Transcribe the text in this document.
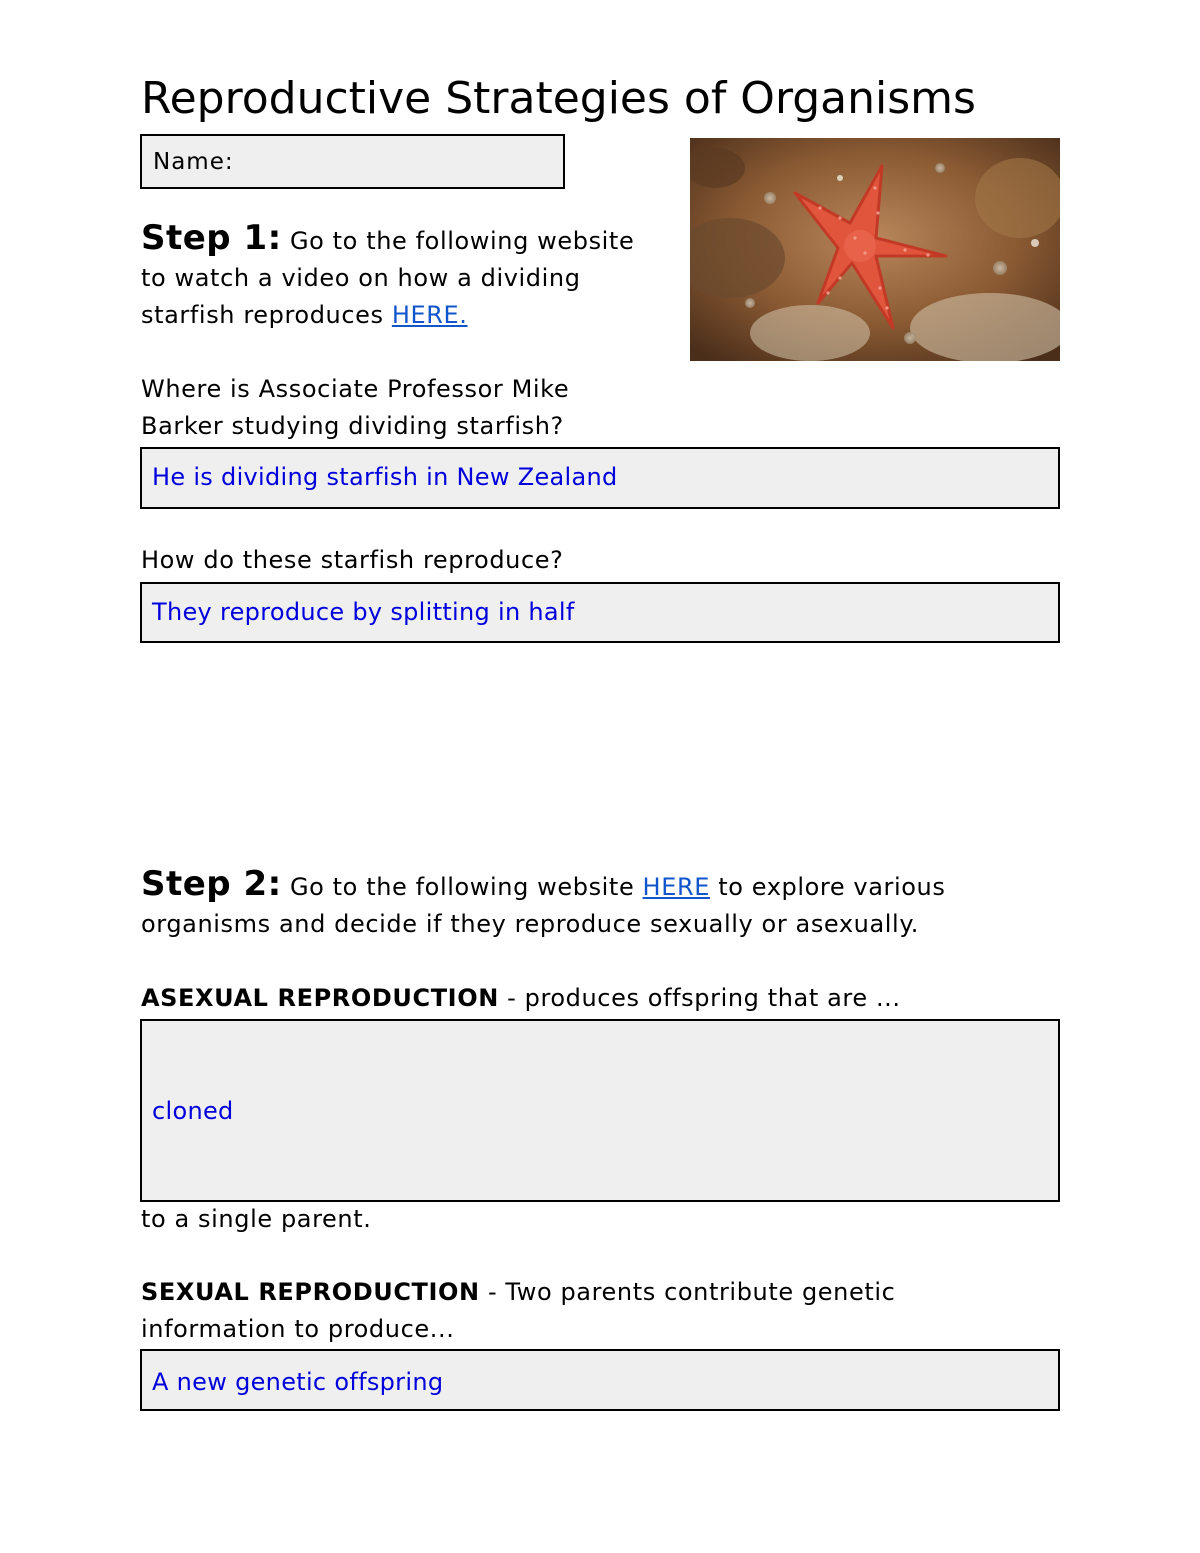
Reproductive Strategies of Organisms
Name:
Step 1: Go to the following website
to watch a video on how a dividing
starfish reproduces HERE.
Where is Associate Professor Mike
Barker studying dividing starfish?
He is dividing starfish in New Zealand
How do these starfish reproduce?
They reproduce by splitting in half
Step 2: Go to the following website HERE to explore various
organisms and decide if they reproduce sexually or asexually.
ASEXUAL REPRODUCTION - produces offspring that are ...
cloned
to a single parent.
SEXUAL REPRODUCTION - Two parents contribute genetic
information to produce...
A new genetic offspring
